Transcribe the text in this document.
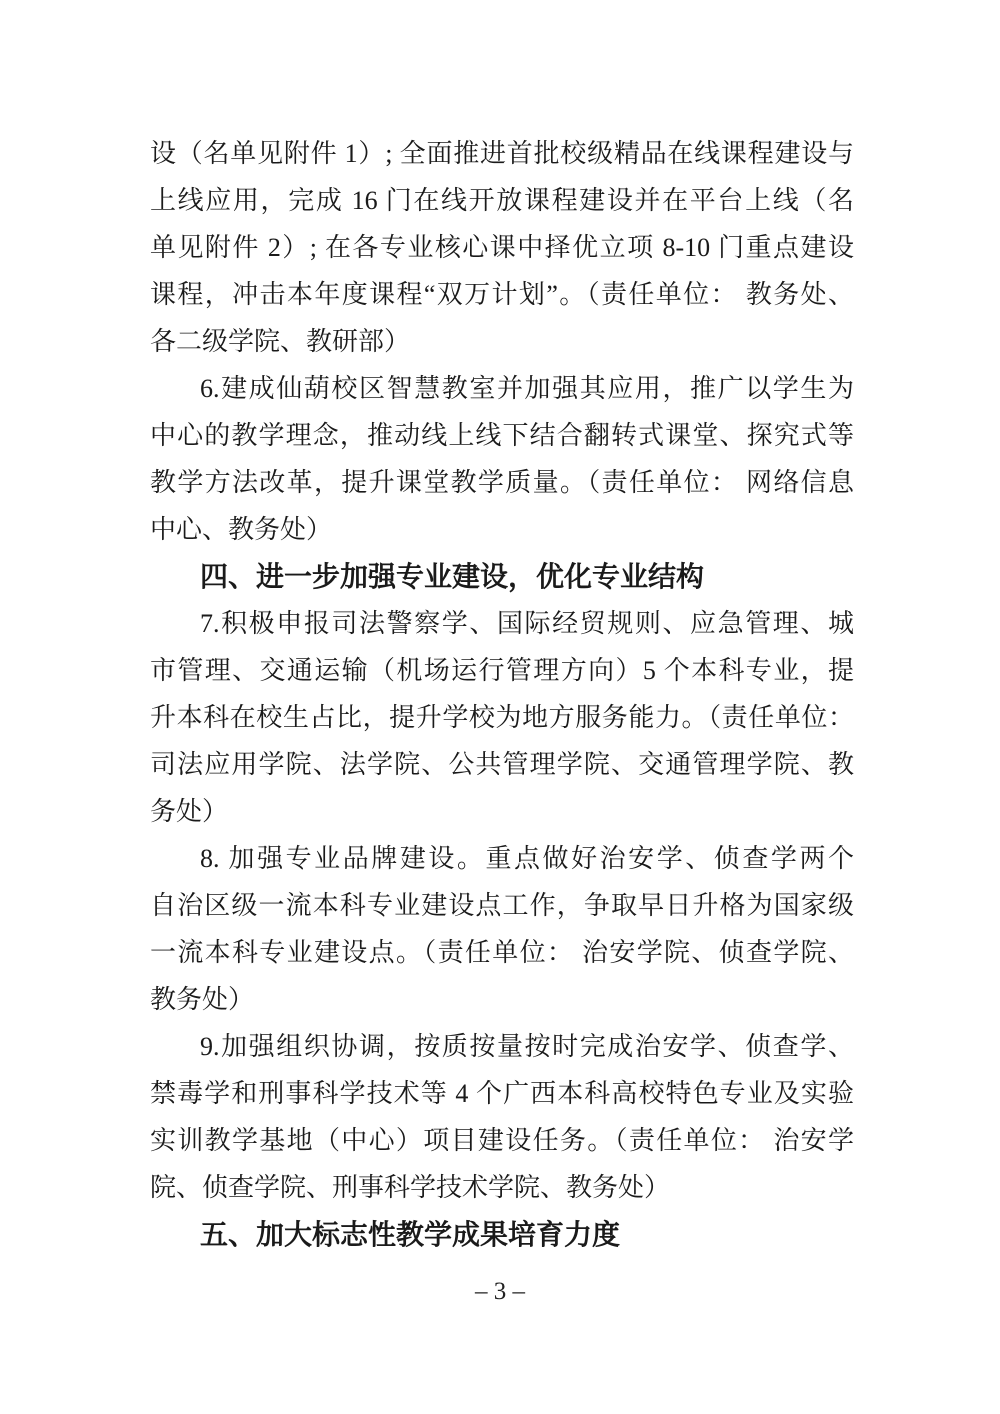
设（名单见附件 1）; 全面推进首批校级精品在线课程建设与
上线应用，完成 16 门在线开放课程建设并在平台上线（名
单见附件 2）; 在各专业核心课中择优立项 8-10 门重点建设
课程，冲击本年度课程“双万计划”。（责任单位： 教务处、
各二级学院、教研部）
6.建成仙葫校区智慧教室并加强其应用，推广以学生为
中心的教学理念，推动线上线下结合翻转式课堂、探究式等
教学方法改革，提升课堂教学质量。（责任单位： 网络信息
中心、教务处）
四、进一步加强专业建设，优化专业结构
7.积极申报司法警察学、国际经贸规则、应急管理、城
市管理、交通运输（机场运行管理方向）5 个本科专业，提
升本科在校生占比，提升学校为地方服务能力。（责任单位：
司法应用学院、法学院、公共管理学院、交通管理学院、教
务处）
8. 加强专业品牌建设。重点做好治安学、侦查学两个
自治区级一流本科专业建设点工作，争取早日升格为国家级
一流本科专业建设点。（责任单位： 治安学院、侦查学院、
教务处）
9.加强组织协调，按质按量按时完成治安学、侦查学、
禁毒学和刑事科学技术等 4 个广西本科高校特色专业及实验
实训教学基地（中心）项目建设任务。（责任单位： 治安学
院、侦查学院、刑事科学技术学院、教务处）
五、加大标志性教学成果培育力度
– 3 –
